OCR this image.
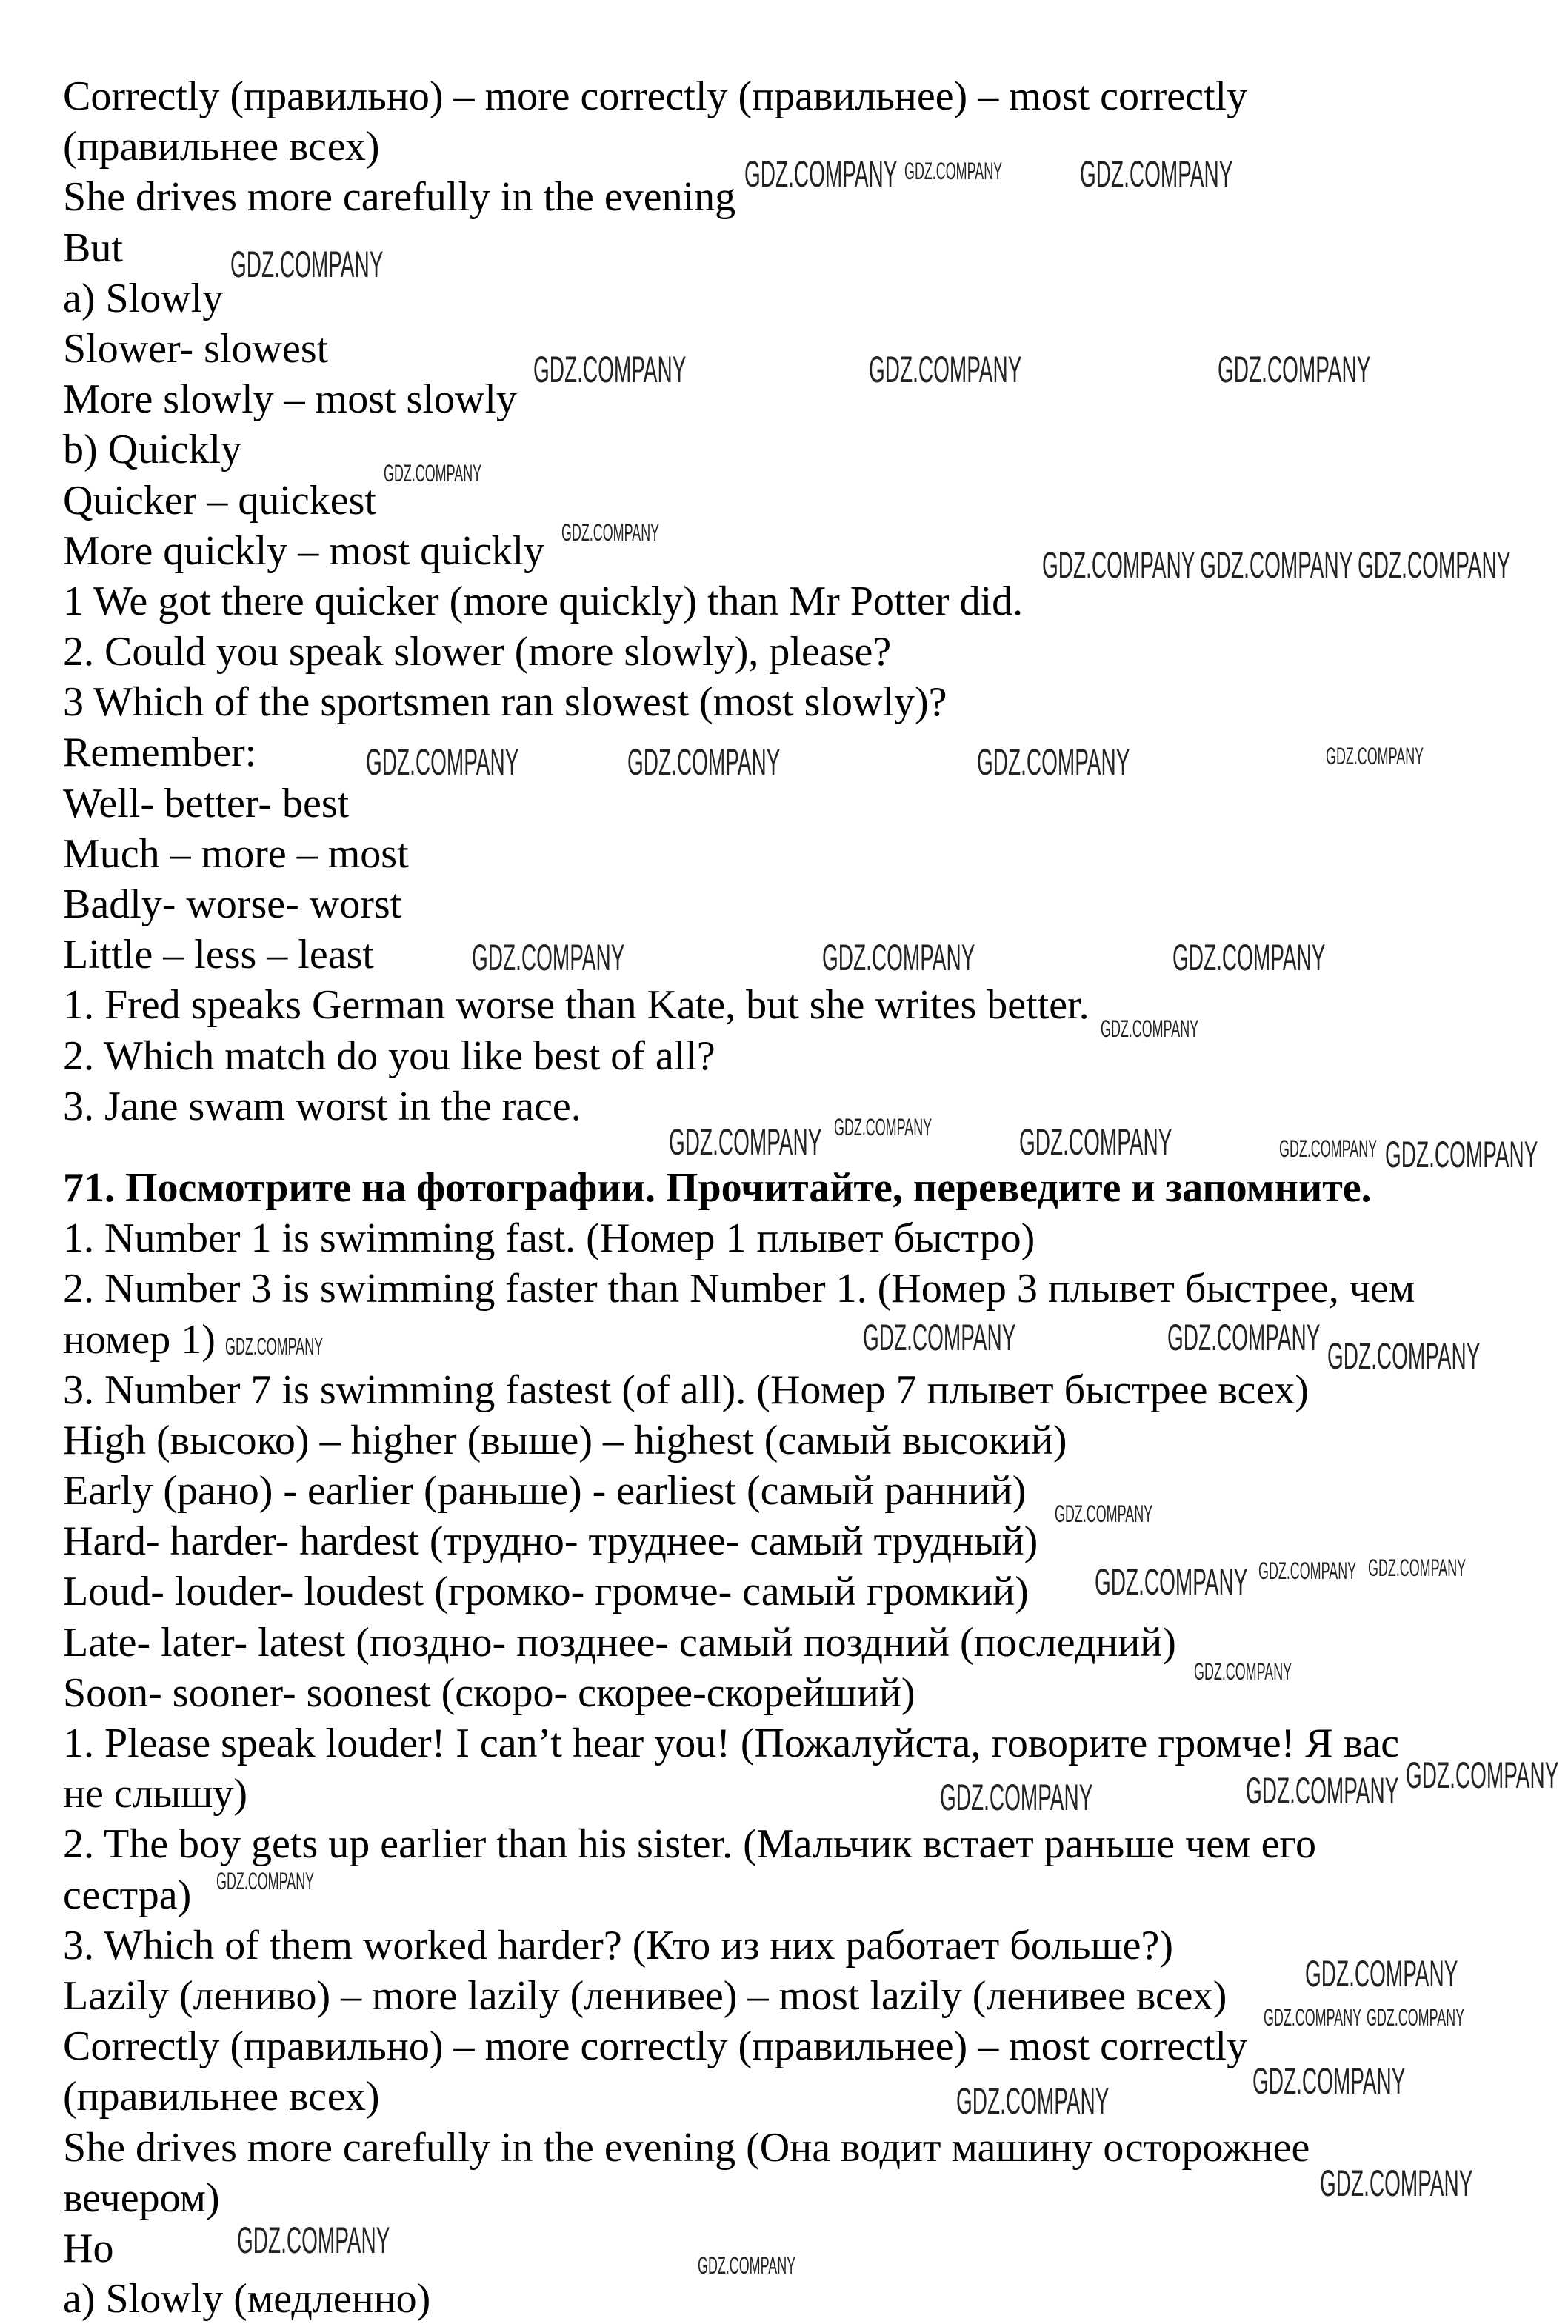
Correctly (правильно) – more correctly (правильнее) – most correctly
(правильнее всех)
She drives more carefully in the evening
But
a) Slowly
Slower- slowest
More slowly – most slowly
b) Quickly
Quicker – quickest
More quickly – most quickly
1 We got there quicker (more quickly) than Mr Potter did.
2. Could you speak slower (more slowly), please?
3 Which of the sportsmen ran slowest (most slowly)?
Remember:
Well- better- best
Much – more – most
Badly- worse- worst
Little – less – least
1. Fred speaks German worse than Kate, but she writes better.
2. Which match do you like best of all?
3. Jane swam worst in the race.
71. Посмотрите на фотографии. Прочитайте, переведите и запомните.
1. Number 1 is swimming fast. (Номер 1 плывет быстро)
2. Number 3 is swimming faster than Number 1. (Номер 3 плывет быстрее, чем
номер 1)
3. Number 7 is swimming fastest (of all). (Номер 7 плывет быстрее всех)
High (высоко) – higher (выше) – highest (самый высокий)
Early (рано) - earlier (раньше) - earliest (самый ранний)
Hard- harder- hardest (трудно- труднее- самый трудный)
Loud- louder- loudest (громко- громче- самый громкий)
Late- later- latest (поздно- позднее- самый поздний (последний)
Soon- sooner- soonest (скоро- скорее-скорейший)
1. Please speak louder! I can’t hear you! (Пожалуйста, говорите громче! Я вас
не слышу)
2. The boy gets up earlier than his sister. (Мальчик встает раньше чем его
сестра)
3. Which of them worked harder? (Кто из них работает больше?)
Lazily (лениво) – more lazily (ленивее) – most lazily (ленивее всех)
Correctly (правильно) – more correctly (правильнее) – most correctly
(правильнее всех)
She drives more carefully in the evening (Она водит машину осторожнее
вечером)
Но
a) Slowly (медленно)
GDZ.COMPANY	GDZ.COMPANY
GDZ.COMPANY
GDZ.COMPANY	GDZ.COMPANY	GDZ.COMPANY
GDZ.COMPANY GDZ.COMPANY GDZ.COMPANY
GDZ.COMPANY	GDZ.COMPANY	GDZ.COMPANY
GDZ.COMPANY	GDZ.COMPANY	GDZ.COMPANY
GDZ.COMPANY
GDZ.COMPANY	GDZ.COMPANY
GDZ.COMPANY
GDZ.COMPANY	GDZ.COMPANY
GDZ.COMPANY
GDZ.COMPANY
GDZ.COMPANY	GDZ.COMPANY
GDZ.COMPANY
GDZ.COMPANY
GDZ.COMPANY
GDZ.COMPANY
GDZ.COMPANY
GDZ.COMPANY
GDZ.COMPANY
GDZ.COMPANY
GDZ.COMPANY
GDZ.COMPANY
GDZ.COMPANY
GDZ.COMPANY
GDZ.COMPANY
GDZ.COMPANY
GDZ.COMPANY
GDZ.COMPANY
GDZ.COMPANY
GDZ.COMPANY GDZ.COMPANY
GDZ.COMPANY GDZ.COMPANY
